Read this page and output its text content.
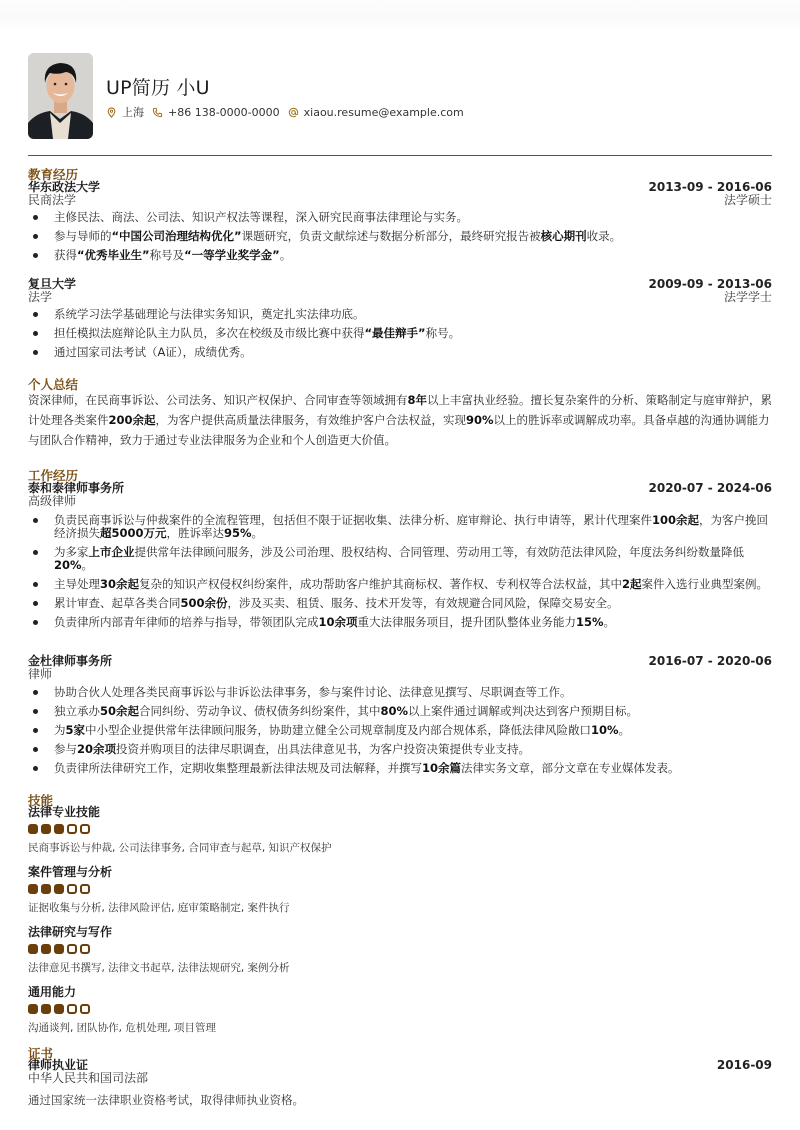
UP简历 小U
上海 +86 138-0000-0000 xiaou.resume@example.com
教育经历
华东政法大学
民商法学
2013-09 - 2016-06
法学硕士
主修民法、商法、公司法、知识产权法等课程，深入研究民商事法律理论与实务。
参与导师的“中国公司治理结构优化”课题研究，负责文献综述与数据分析部分，最终研究报告被核心期刊收录。
获得“优秀毕业生”称号及“一等学业奖学金”。
复旦大学
法学
2009-09 - 2013-06
法学学士
系统学习法学基础理论与法律实务知识，奠定扎实法律功底。
担任模拟法庭辩论队主力队员，多次在校级及市级比赛中获得“最佳辩手”称号。
通过国家司法考试（A证），成绩优秀。
个人总结
资深律师，在民商事诉讼、公司法务、知识产权保护、合同审查等领域拥有8年以上丰富执业经验。擅长复杂案件的分析、策略制定与庭审辩护，累计处理各类案件200余起，为客户提供高质量法律服务，有效维护客户合法权益，实现90%以上的胜诉率或调解成功率。具备卓越的沟通协调能力与团队合作精神，致力于通过专业法律服务为企业和个人创造更大价值。
工作经历
泰和泰律师事务所
高级律师
2020-07 - 2024-06
负责民商事诉讼与仲裁案件的全流程管理，包括但不限于证据收集、法律分析、庭审辩论、执行申请等，累计代理案件100余起，为客户挽回经济损失超5000万元，胜诉率达95%。
为多家上市企业提供常年法律顾问服务，涉及公司治理、股权结构、合同管理、劳动用工等，有效防范法律风险，年度法务纠纷数量降低20%。
主导处理30余起复杂的知识产权侵权纠纷案件，成功帮助客户维护其商标权、著作权、专利权等合法权益，其中2起案件入选行业典型案例。
累计审查、起草各类合同500余份，涉及买卖、租赁、服务、技术开发等，有效规避合同风险，保障交易安全。
负责律所内部青年律师的培养与指导，带领团队完成10余项重大法律服务项目，提升团队整体业务能力15%。
金杜律师事务所
律师
2016-07 - 2020-06
协助合伙人处理各类民商事诉讼与非诉讼法律事务，参与案件讨论、法律意见撰写、尽职调查等工作。
独立承办50余起合同纠纷、劳动争议、债权债务纠纷案件，其中80%以上案件通过调解或判决达到客户预期目标。
为5家中小型企业提供常年法律顾问服务，协助建立健全公司规章制度及内部合规体系，降低法律风险敞口10%。
参与20余项投资并购项目的法律尽职调查，出具法律意见书，为客户投资决策提供专业支持。
负责律所法律研究工作，定期收集整理最新法律法规及司法解释，并撰写10余篇法律实务文章，部分文章在专业媒体发表。
技能
法律专业技能
民商事诉讼与仲裁, 公司法律事务, 合同审查与起草, 知识产权保护
案件管理与分析
证据收集与分析, 法律风险评估, 庭审策略制定, 案件执行
法律研究与写作
法律意见书撰写, 法律文书起草, 法律法规研究, 案例分析
通用能力
沟通谈判, 团队协作, 危机处理, 项目管理
证书
律师执业证
中华人民共和国司法部
2016-09
通过国家统一法律职业资格考试，取得律师执业资格。
